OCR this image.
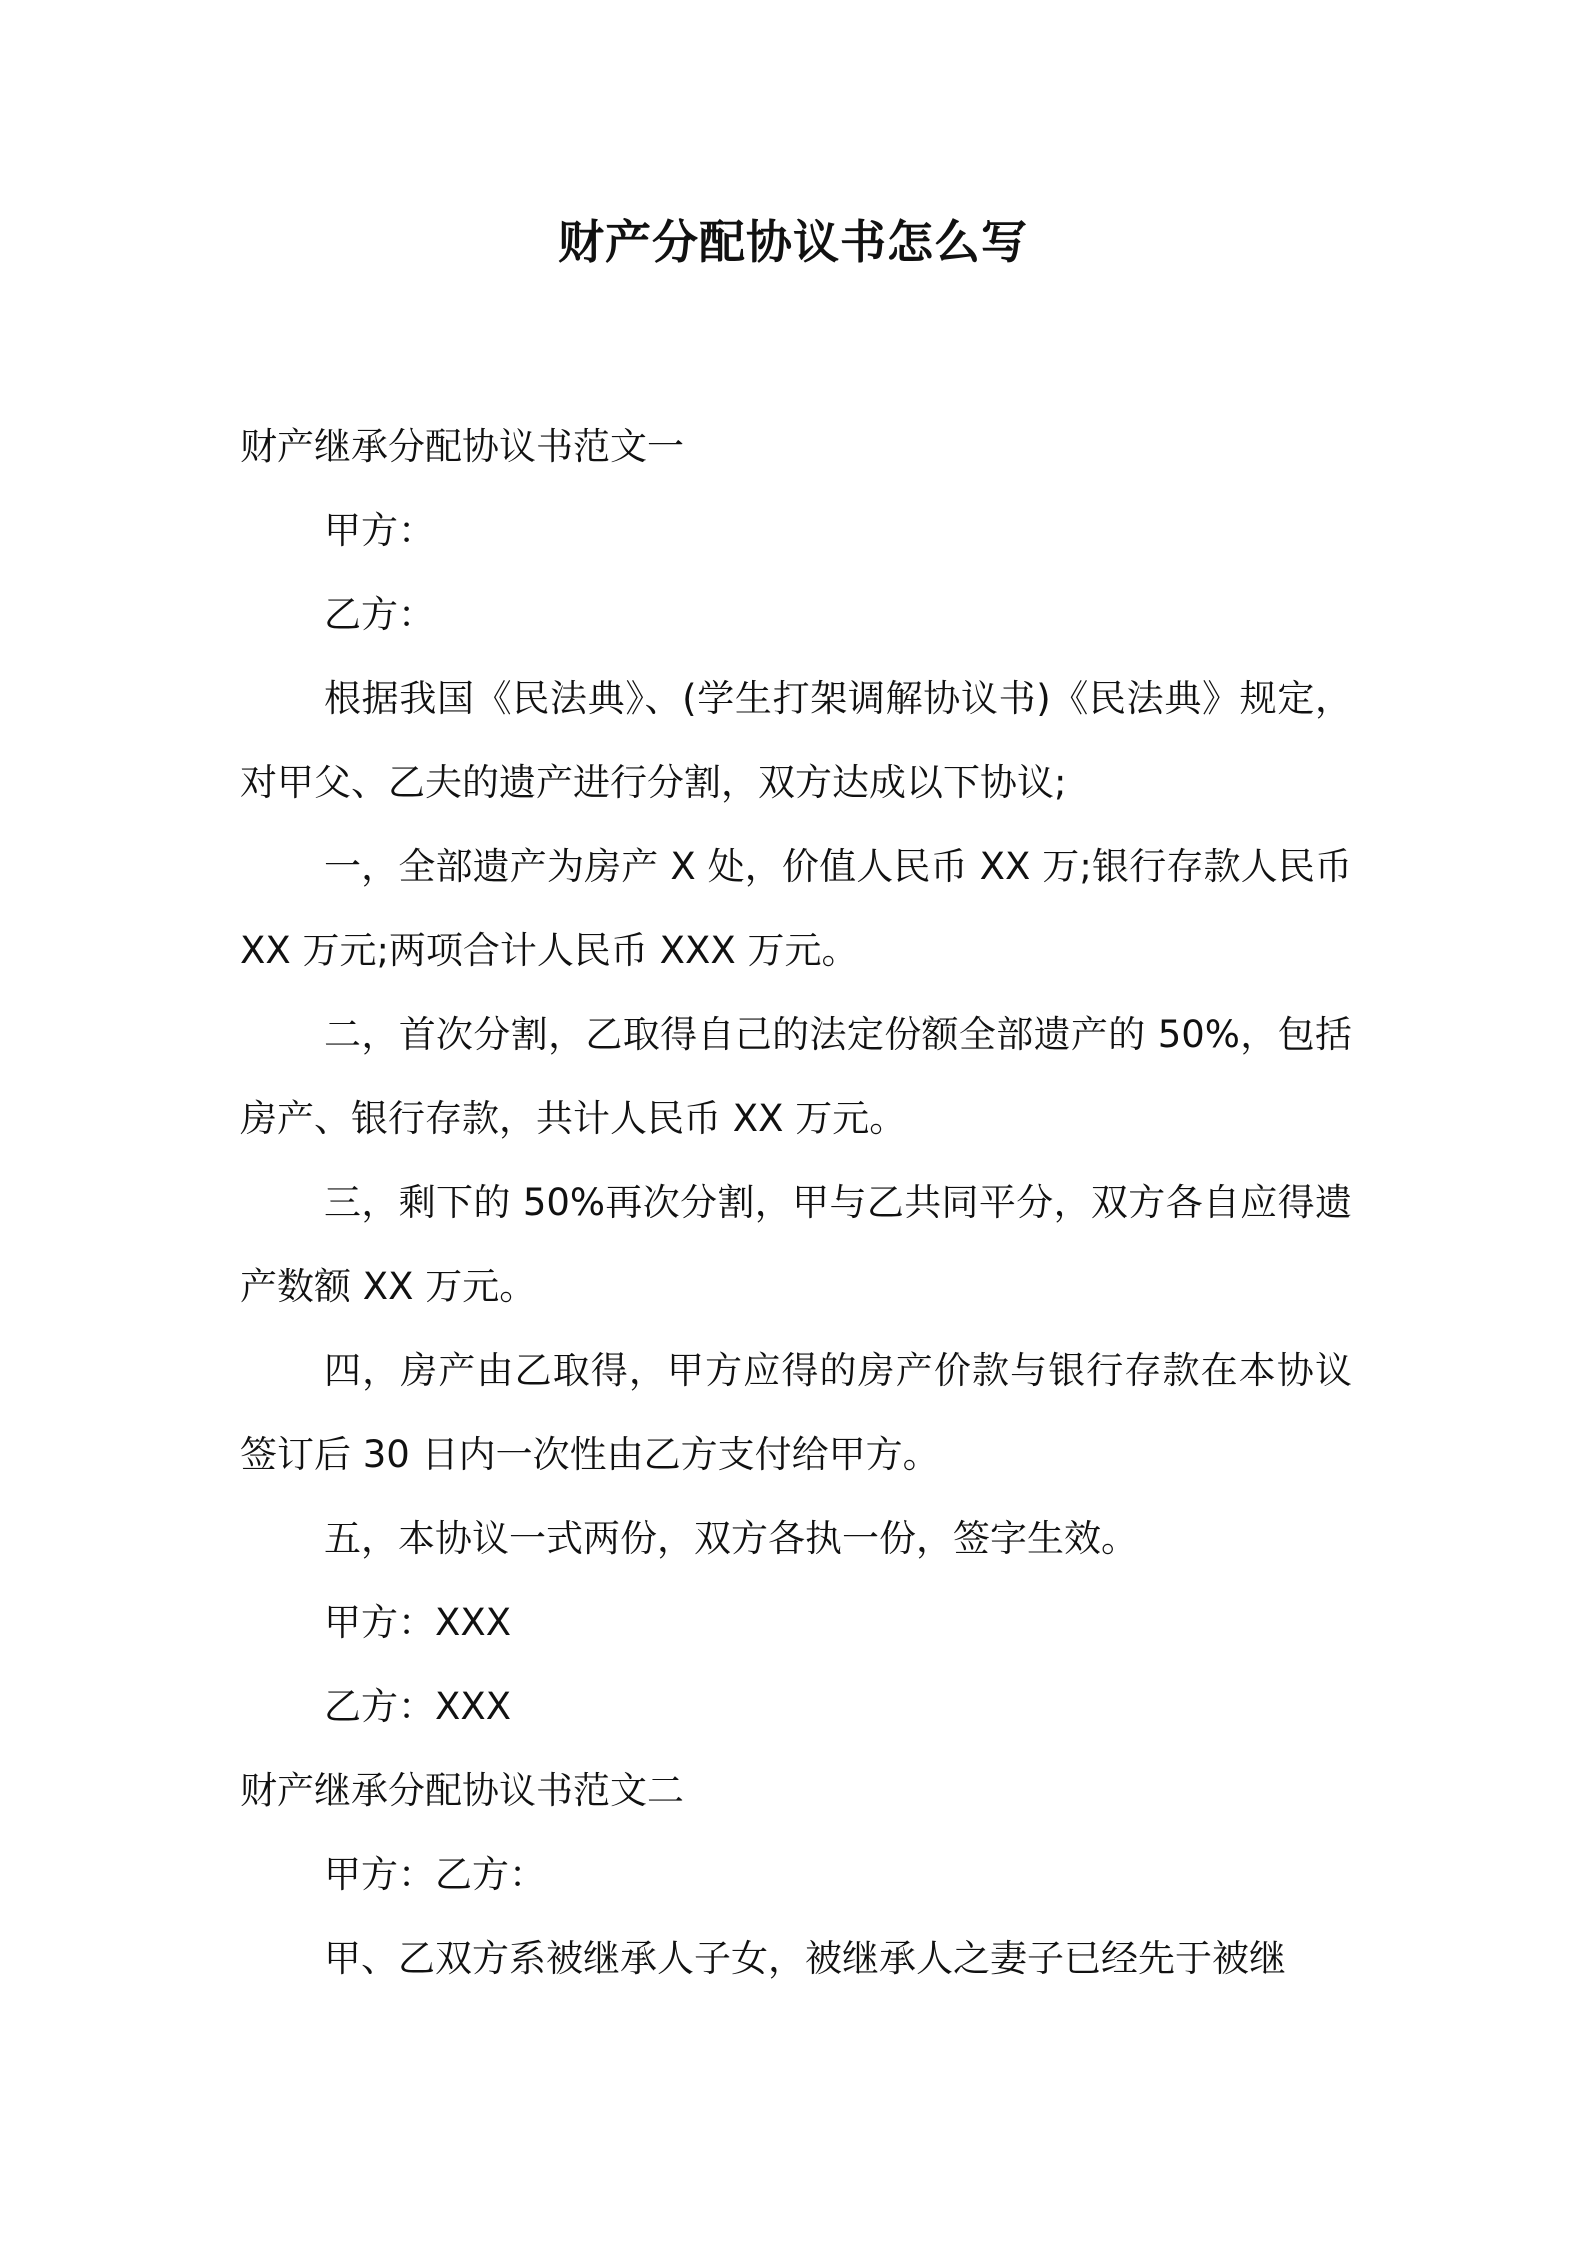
财产分配协议书怎么写

财产继承分配协议书范文一

甲方：

乙方：

根据我国《民法典》、(学生打架调解协议书)《民法典》规定，对甲父、乙夫的遗产进行分割，双方达成以下协议;

一，全部遗产为房产 X 处，价值人民币 XX 万;银行存款人民币 XX 万元;两项合计人民币 XXX 万元。

二，首次分割，乙取得自己的法定份额全部遗产的 50%，包括房产、银行存款，共计人民币 XX 万元。

三，剩下的 50%再次分割，甲与乙共同平分，双方各自应得遗产数额 XX 万元。

四，房产由乙取得，甲方应得的房产价款与银行存款在本协议签订后 30 日内一次性由乙方支付给甲方。

五，本协议一式两份，双方各执一份，签字生效。

甲方：XXX

乙方：XXX

财产继承分配协议书范文二

甲方：乙方：

甲、乙双方系被继承人子女，被继承人之妻子已经先于被继
